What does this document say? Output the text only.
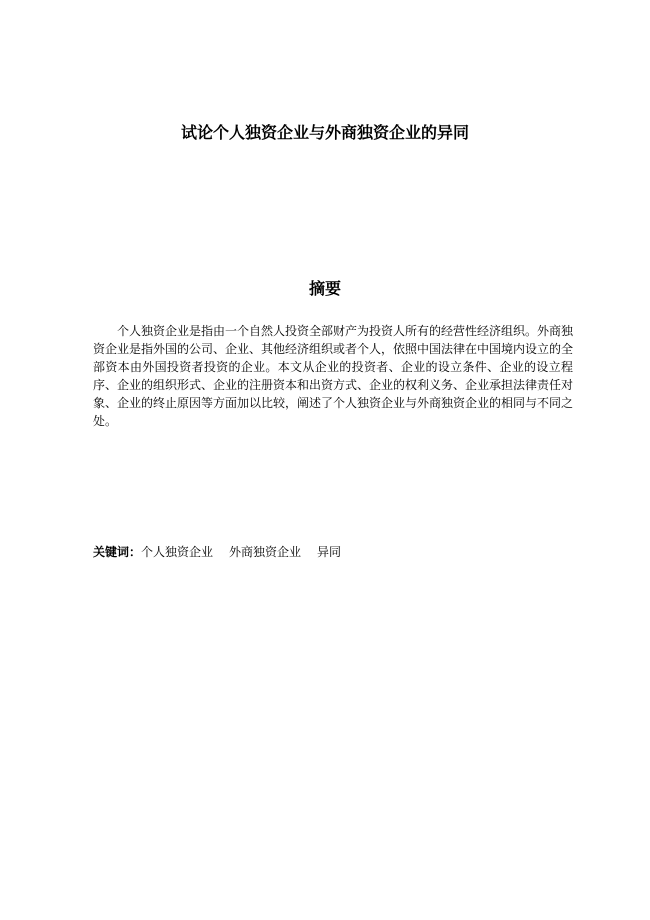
试论个人独资企业与外商独资企业的异同
摘要

个人独资企业是指由一个自然人投资全部财产为投资人所有的经营性经济组织。外商独资企业是指外国的公司、企业、其他经济组织或者个人，依照中国法律在中国境内设立的全部资本由外国投资者投资的企业。本文从企业的投资者、企业的设立条件、企业的设立程序、企业的组织形式、企业的注册资本和出资方式、企业的权利义务、企业承担法律责任对象、企业的终止原因等方面加以比较，阐述了个人独资企业与外商独资企业的相同与不同之处。

关键词：个人独资企业 外商独资企业 异同
